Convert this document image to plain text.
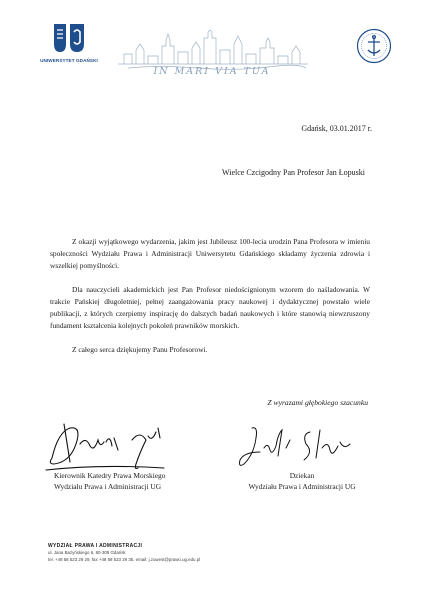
UNIWERSYTET GDAŃSKI
IN MARI VIA TUA
Gdańsk, 03.01.2017 r.
Wielce Czcigodny Pan Profesor Jan Łopuski

Z okazji wyjątkowego wydarzenia, jakim jest Jubileusz 100-lecia urodzin Pana Profesora w imieniu społeczności Wydziału Prawa i Administracji Uniwersytetu Gdańskiego składamy życzenia zdrowia i wszelkiej pomyślności.

Dla nauczycieli akademickich jest Pan Profesor niedoścignionym wzorem do naśladowania. W trakcie Pańskiej długoletniej, pełnej zaangażowania pracy naukowej i dydaktycznej powstało wiele publikacji, z których czerpiemy inspirację do dalszych badań naukowych i które stanowią niewzruszony fundament kształcenia kolejnych pokoleń prawników morskich.

Z całego serca dziękujemy Panu Profesorowi.

Z wyrazami głębokiego szacunku
Kierownik Katedry Prawa Morskiego
Wydziału Prawa i Administracji UG
Dziekan
Wydziału Prawa i Administracji UG
WYDZIAŁ PRAWA I ADMINISTRACJI
ul. Jana Bażyńskiego 6, 80-309 Gdańsk
tel. +48 58 523 29 29, fax +48 58 523 29 35, email: j.zuwest@prawo.ug.edu.pl
